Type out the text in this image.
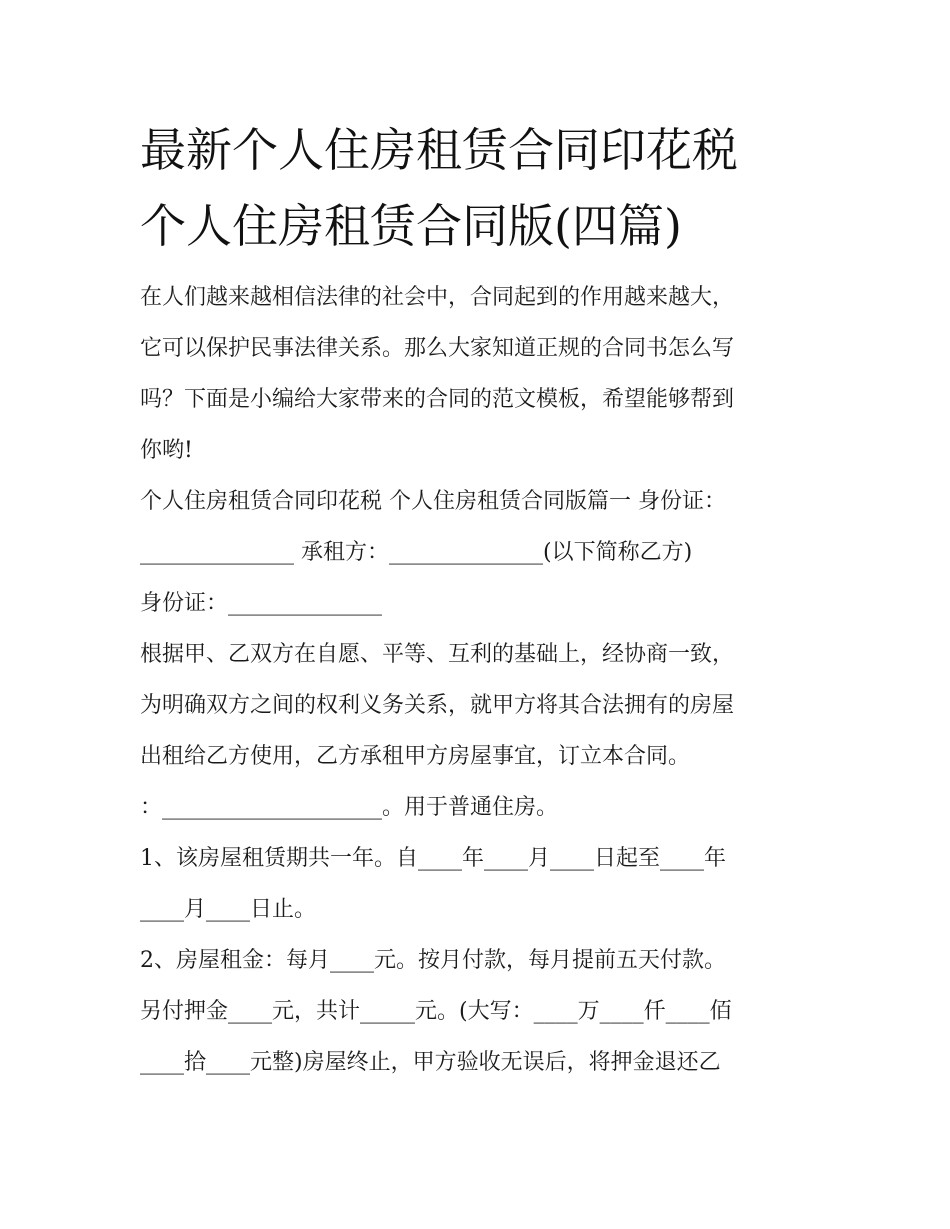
最新个人住房租赁合同印花税
个人住房租赁合同版(四篇)
在人们越来越相信法律的社会中，合同起到的作用越来越大，
它可以保护民事法律关系。那么大家知道正规的合同书怎么写
吗？下面是小编给大家带来的合同的范文模板，希望能够帮到
你哟!
个人住房租赁合同印花税 个人住房租赁合同版篇一 身份证：
______________ 承租方：______________(以下简称乙方)
身份证：______________
根据甲、乙双方在自愿、平等、互利的基础上，经协商一致，
为明确双方之间的权利义务关系，就甲方将其合法拥有的房屋
出租给乙方使用，乙方承租甲方房屋事宜，订立本合同。
：____________________。用于普通住房。
1、该房屋租赁期共一年。自____年____月____日起至____年
____月____日止。
2、房屋租金：每月____元。按月付款，每月提前五天付款。
另付押金____元，共计_____元。(大写：____万____仟____佰
____拾____元整)房屋终止，甲方验收无误后，将押金退还乙
